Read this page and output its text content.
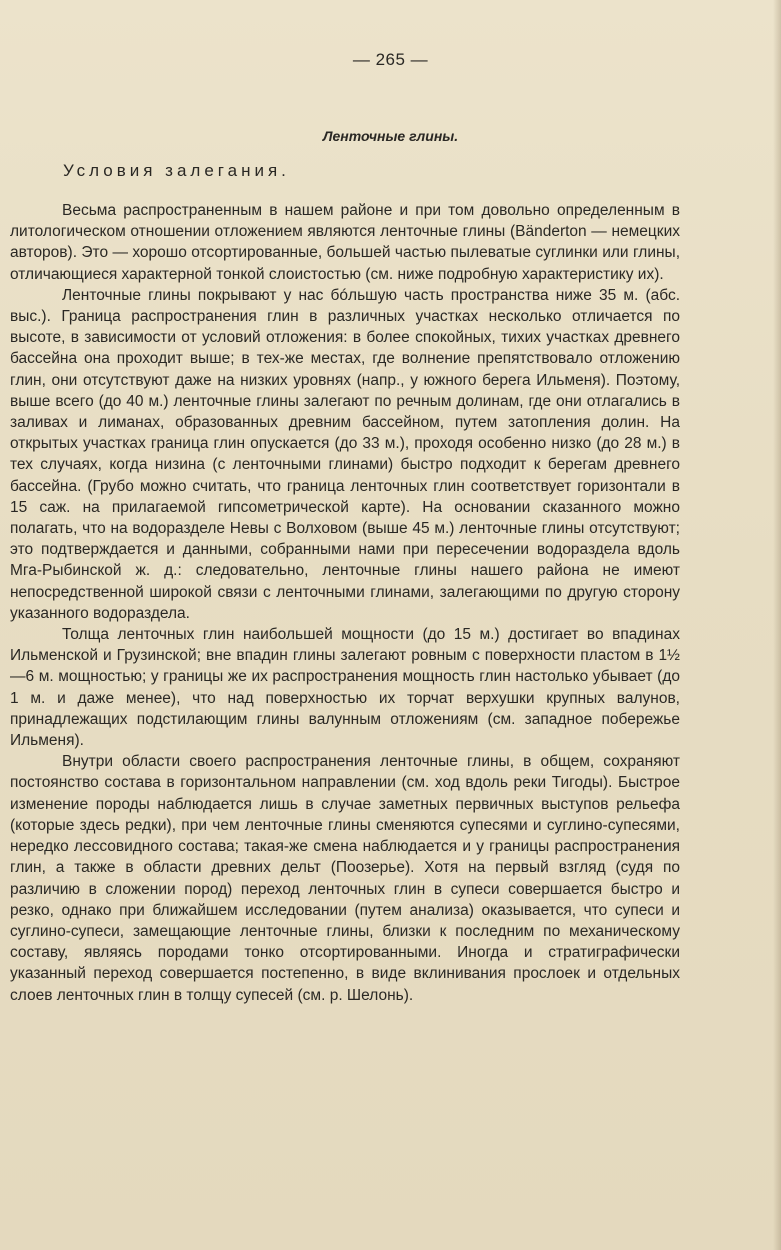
— 265 —
Ленточные глины.
Условия залегания.

Весьма распространенным в нашем районе и при том довольно определенным в литологическом отношении отложением являются ленточные глины (Bänderton — немецких авторов). Это — хорошо отсортированные, большей частью пылеватые суглинки или глины, отличающиеся характерной тонкой слоистостью (см. ниже подробную характеристику их).

Ленточные глины покрывают у нас бóльшую часть пространства ниже 35 м. (абс. выс.). Граница распространения глин в различных участках несколько отличается по высоте, в зависимости от условий отложения: в более спокойных, тихих участках древнего бассейна она проходит выше; в тех-же местах, где волнение препятствовало отложению глин, они отсутствуют даже на низких уровнях (напр., у южного берега Ильменя). Поэтому, выше всего (до 40 м.) ленточные глины залегают по речным долинам, где они отлагались в заливах и лиманах, образованных древним бассейном, путем затопления долин. На открытых участках граница глин опускается (до 33 м.), проходя особенно низко (до 28 м.) в тех случаях, когда низина (с ленточными глинами) быстро подходит к берегам древнего бассейна. (Грубо можно считать, что граница ленточных глин соответствует горизонтали в 15 саж. на прилагаемой гипсометрической карте). На основании сказанного можно полагать, что на водоразделе Невы с Волховом (выше 45 м.) ленточные глины отсутствуют; это подтверждается и данными, собранными нами при пересечении водораздела вдоль Мга-Рыбинской ж. д.: следовательно, ленточные глины нашего района не имеют непосредственной широкой связи с ленточными глинами, залегающими по другую сторону указанного водораздела.

Толща ленточных глин наибольшей мощности (до 15 м.) достигает во впадинах Ильменской и Грузинской; вне впадин глины залегают ровным с поверхности пластом в 1½—6 м. мощностью; у границы же их распространения мощность глин настолько убывает (до 1 м. и даже менее), что над поверхностью их торчат верхушки крупных валунов, принадлежащих подстилающим глины валунным отложениям (см. западное побережье Ильменя).

Внутри области своего распространения ленточные глины, в общем, сохраняют постоянство состава в горизонтальном направлении (см. ход вдоль реки Тигоды). Быстрое изменение породы наблюдается лишь в случае заметных первичных выступов рельефа (которые здесь редки), при чем ленточные глины сменяются супесями и суглино-супесями, нередко лессовидного состава; такая-же смена наблюдается и у границы распространения глин, а также в области древних дельт (Поозерье). Хотя на первый взгляд (судя по различию в сложении пород) переход ленточных глин в супеси совершается быстро и резко, однако при ближайшем исследовании (путем анализа) оказывается, что супеси и суглино-супеси, замещающие ленточные глины, близки к последним по механическому составу, являясь породами тонко отсортированными. Иногда и стратиграфически указанный переход совершается постепенно, в виде вклинивания прослоек и отдельных слоев ленточных глин в толщу супесей (см. р. Шелонь).
